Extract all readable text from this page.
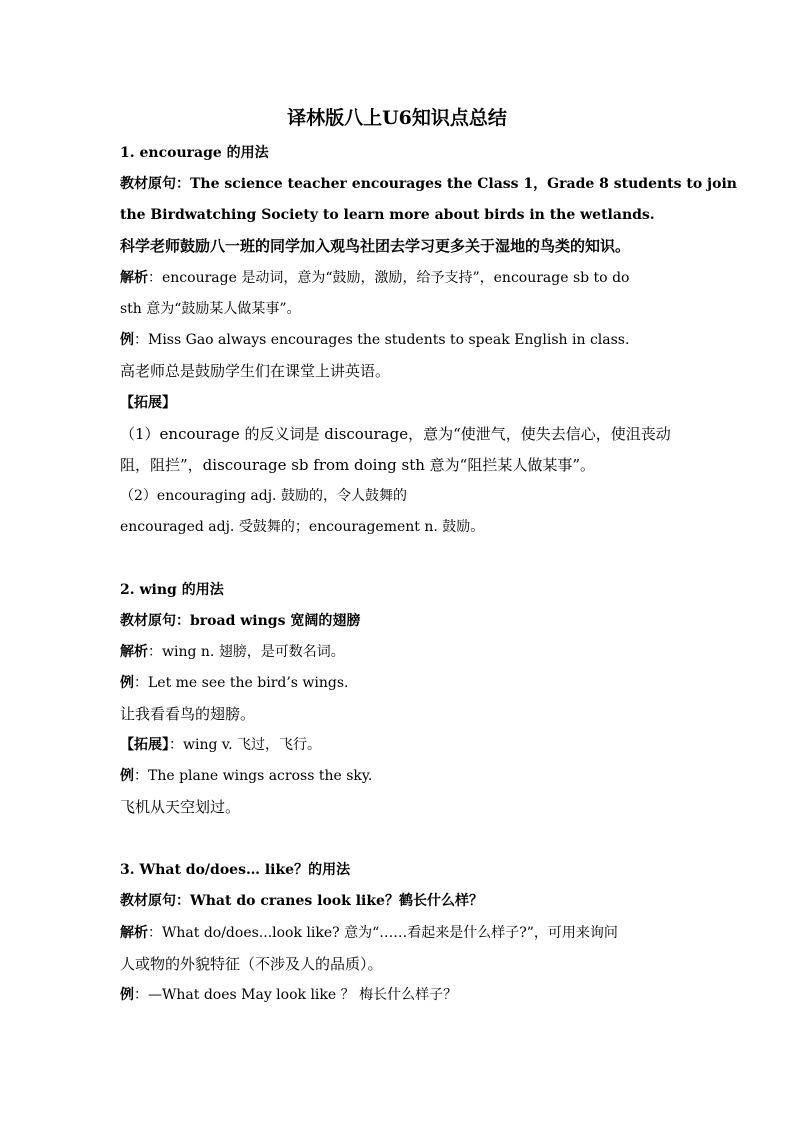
译林版八上U6知识点总结
1. encourage 的用法
教材原句：The science teacher encourages the Class 1，Grade 8 students to join
the Birdwatching Society to learn more about birds in the wetlands.
科学老师鼓励八一班的同学加入观鸟社团去学习更多关于湿地的鸟类的知识。
解析：encourage 是动词，意为“鼓励，激励，给予支持”，encourage sb to do
sth 意为“鼓励某人做某事”。
例：Miss Gao always encourages the students to speak English in class.
高老师总是鼓励学生们在课堂上讲英语。
【拓展】
（1）encourage 的反义词是 discourage，意为“使泄气，使失去信心，使沮丧动
阻，阻拦”，discourage sb from doing sth 意为“阻拦某人做某事”。
（2）encouraging adj. 鼓励的，令人鼓舞的
encouraged adj. 受鼓舞的；encouragement n. 鼓励。
2. wing 的用法
教材原句：broad wings 宽阔的翅膀
解析：wing n. 翅膀，是可数名词。
例：Let me see the bird’s wings.
让我看看鸟的翅膀。
【拓展】：wing v. 飞过，飞行。
例：The plane wings across the sky.
飞机从天空划过。
3. What do/does… like？的用法
教材原句：What do cranes look like？鹤长什么样？
解析：What do/does...look like? 意为“……看起来是什么样子?”，可用来询问
人或物的外貌特征（不涉及人的品质）。
例：—What does May look like ？ 梅长什么样子？
